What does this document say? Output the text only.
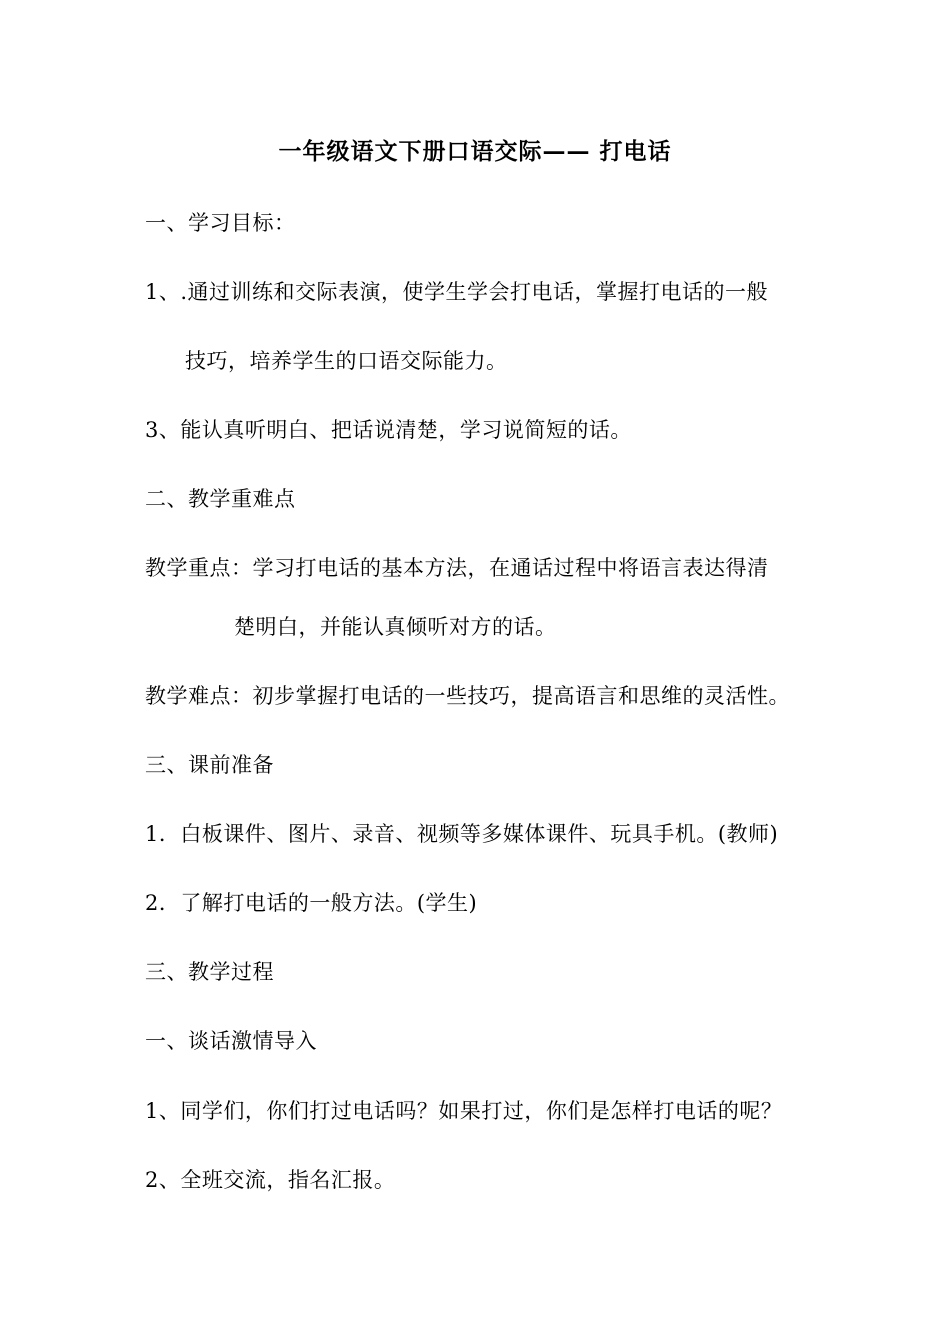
一年级语文下册口语交际—— 打电话
一、学习目标：
1、.通过训练和交际表演，使学生学会打电话，掌握打电话的一般
技巧，培养学生的口语交际能力。
3、能认真听明白、把话说清楚，学习说简短的话。
二、教学重难点
教学重点：学习打电话的基本方法，在通话过程中将语言表达得清
楚明白，并能认真倾听对方的话。
教学难点：初步掌握打电话的一些技巧，提高语言和思维的灵活性。
三、课前准备
1．白板课件、图片、录音、视频等多媒体课件、玩具手机。(教师)
2．了解打电话的一般方法。(学生)
三、教学过程
一、谈话激情导入
1、同学们，你们打过电话吗？如果打过，你们是怎样打电话的呢？
2、全班交流，指名汇报。
